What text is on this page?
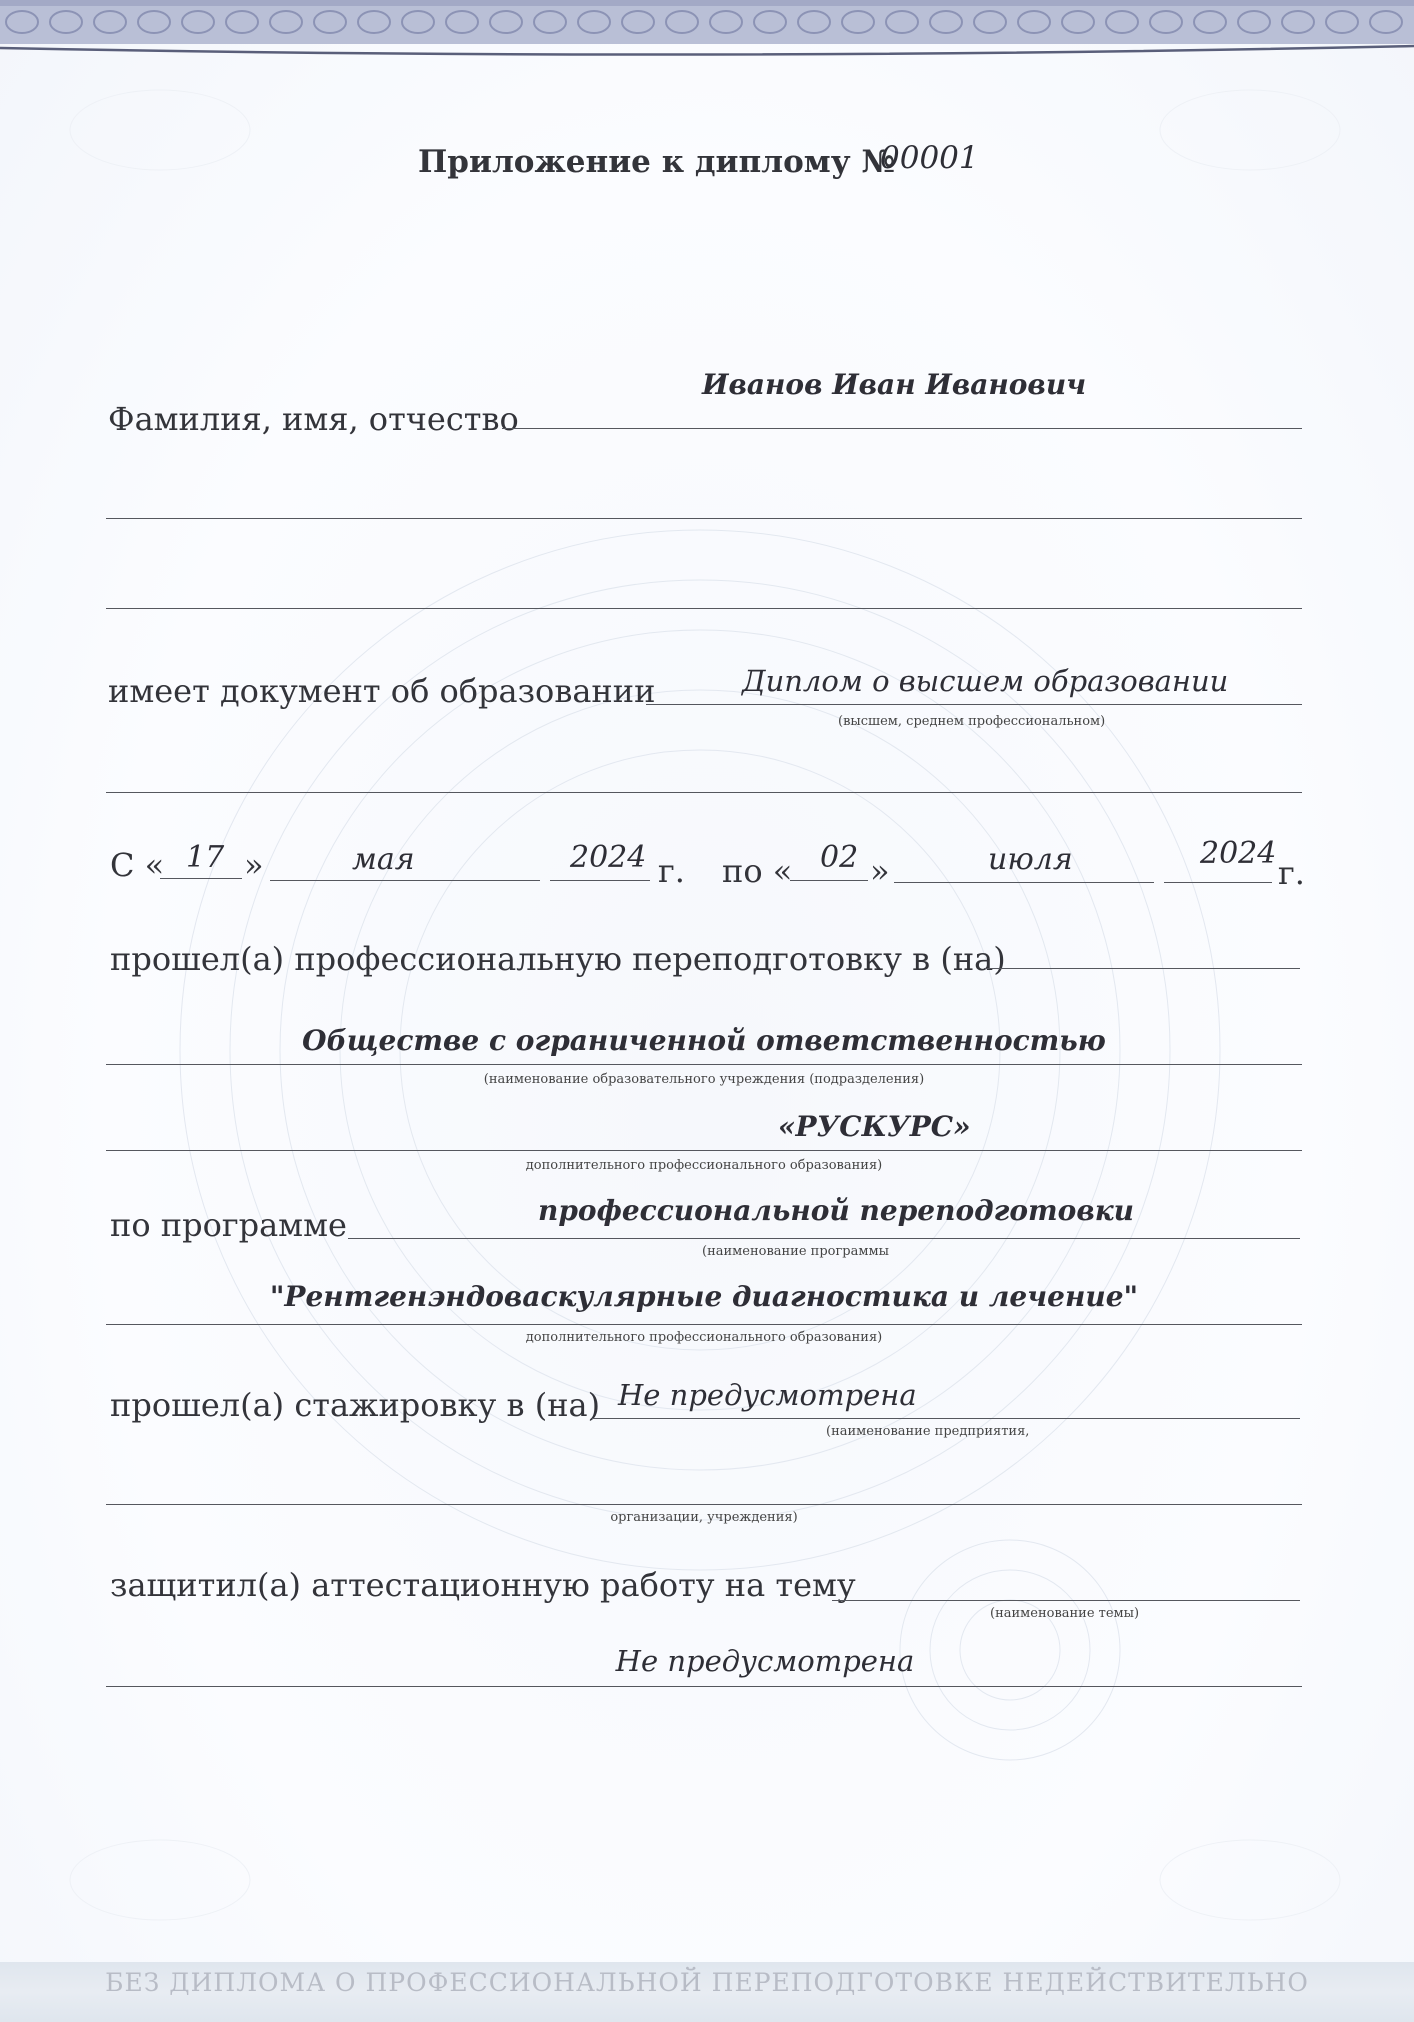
Приложение к диплому №
00001
Иванов Иван Иванович
Фамилия, имя, отчество
имеет документ об образовании	Диплом о высшем образовании
(высшем, среднем профессиональном)
С « 17 »	мая	2024 г. по « 02 »	июля	2024
г.
прошел(а) профессиональную переподготовку в (на)
Обществе с ограниченной ответственностью
(наименование образовательного учреждения (подразделения)
«РУСКУРС»
дополнительного профессионального образования)
по программе	профессиональной переподготовки
(наименование программы
"Рентгенэндоваскулярные диагностика и лечение"
дополнительного профессионального образования)
прошел(а) стажировку в (на) Не предусмотрена
(наименование предприятия,
организации, учреждения)
защитил(а) аттестационную работу на тему
(наименование темы)
Не предусмотрена
БЕЗ ДИПЛОМА О ПРОФЕССИОНАЛЬНОЙ ПЕРЕПОДГОТОВКЕ НЕДЕЙСТВИТЕЛЬНО
